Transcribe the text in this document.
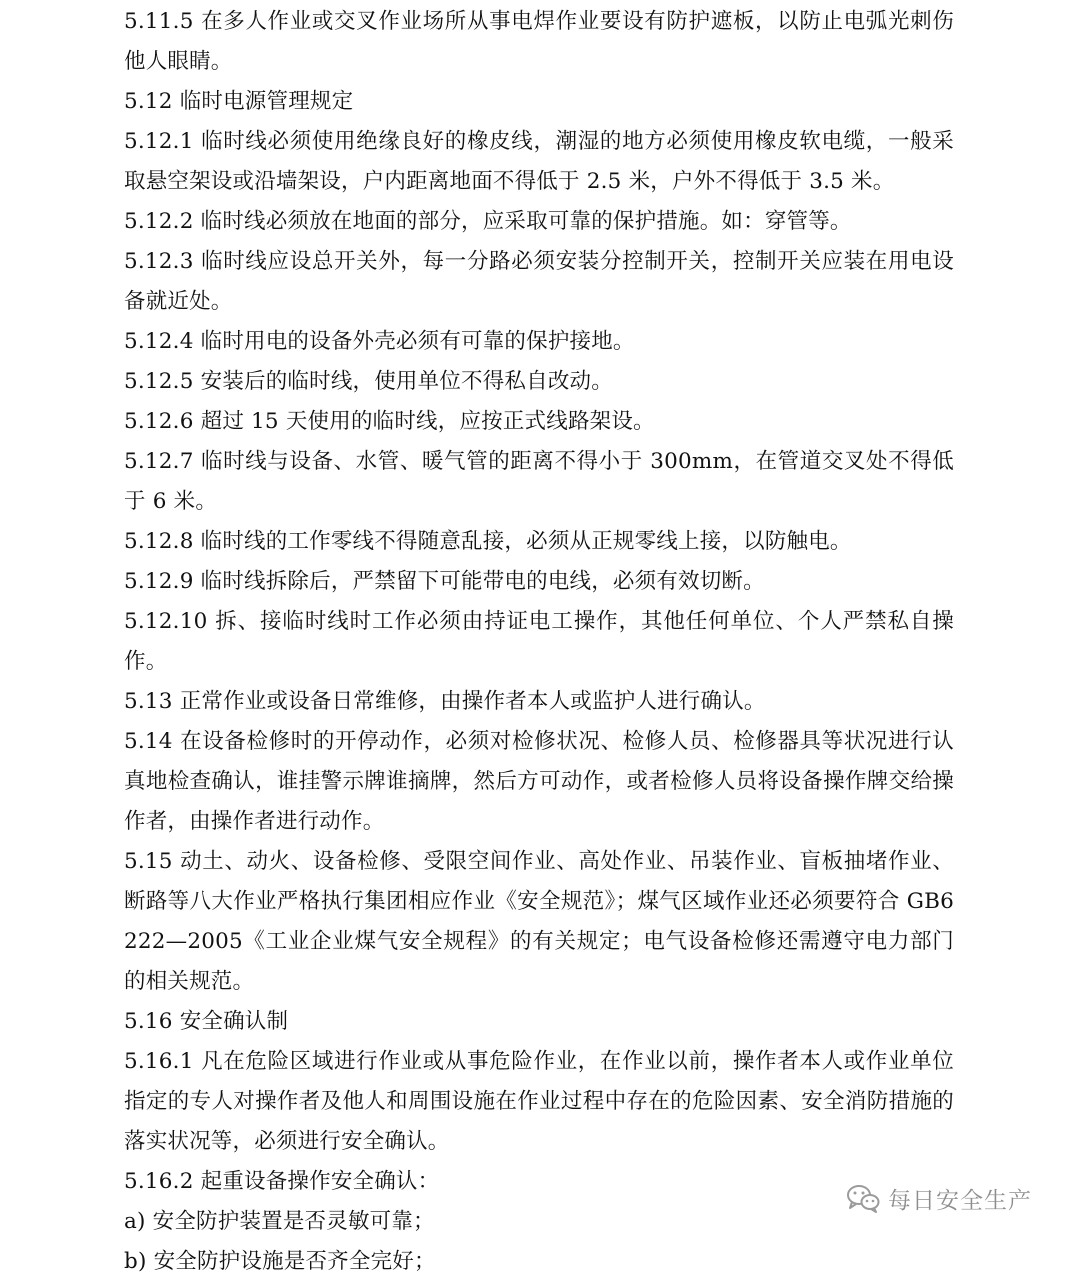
5.11.5 在多人作业或交叉作业场所从事电焊作业要设有防护遮板，以防止电弧光刺伤他人眼睛。

5.12 临时电源管理规定

5.12.1 临时线必须使用绝缘良好的橡皮线，潮湿的地方必须使用橡皮软电缆，一般采取悬空架设或沿墙架设，户内距离地面不得低于 2.5 米，户外不得低于 3.5 米。

5.12.2 临时线必须放在地面的部分，应采取可靠的保护措施。如：穿管等。

5.12.3 临时线应设总开关外，每一分路必须安装分控制开关，控制开关应装在用电设备就近处。

5.12.4 临时用电的设备外壳必须有可靠的保护接地。

5.12.5 安装后的临时线，使用单位不得私自改动。

5.12.6 超过 15 天使用的临时线，应按正式线路架设。

5.12.7 临时线与设备、水管、暖气管的距离不得小于 300mm，在管道交叉处不得低于 6 米。

5.12.8 临时线的工作零线不得随意乱接，必须从正规零线上接，以防触电。

5.12.9 临时线拆除后，严禁留下可能带电的电线，必须有效切断。

5.12.10 拆、接临时线时工作必须由持证电工操作，其他任何单位、个人严禁私自操作。

5.13 正常作业或设备日常维修，由操作者本人或监护人进行确认。

5.14 在设备检修时的开停动作，必须对检修状况、检修人员、检修器具等状况进行认真地检查确认，谁挂警示牌谁摘牌，然后方可动作，或者检修人员将设备操作牌交给操作者，由操作者进行动作。

5.15 动土、动火、设备检修、受限空间作业、高处作业、吊装作业、盲板抽堵作业、断路等八大作业严格执行集团相应作业《安全规范》；煤气区域作业还必须要符合 GB6222—2005《工业企业煤气安全规程》的有关规定；电气设备检修还需遵守电力部门的相关规范。

5.16 安全确认制

5.16.1 凡在危险区域进行作业或从事危险作业，在作业以前，操作者本人或作业单位指定的专人对操作者及他人和周围设施在作业过程中存在的危险因素、安全消防措施的落实状况等，必须进行安全确认。

5.16.2 起重设备操作安全确认：

a) 安全防护装置是否灵敏可靠；

b) 安全防护设施是否齐全完好；

每日安全生产
